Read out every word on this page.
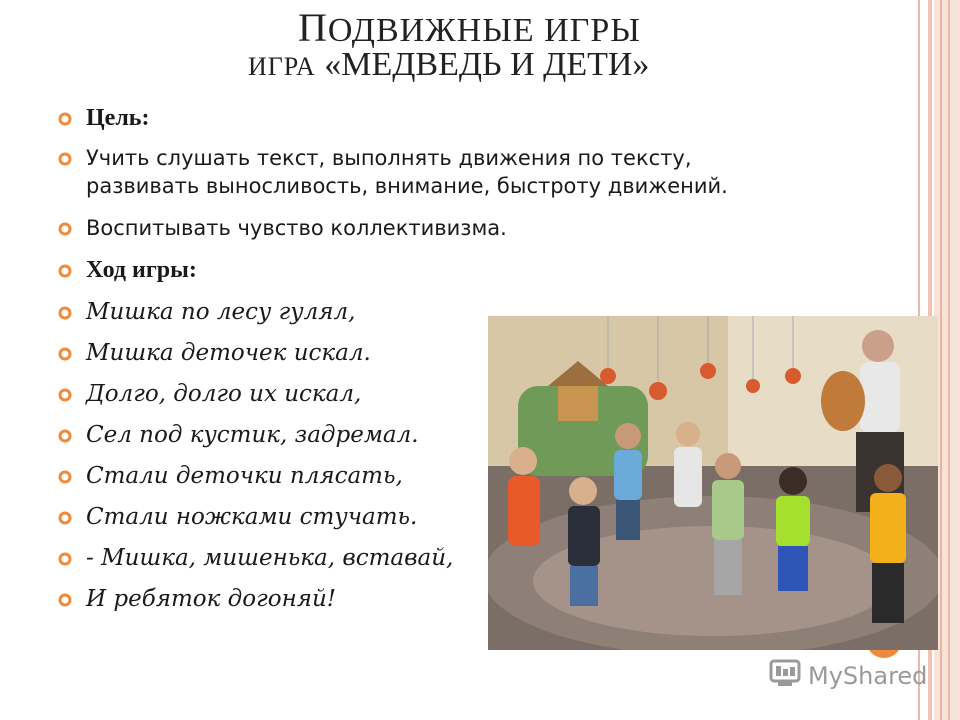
ПОДВИЖНЫЕ ИГРЫ
ИГРА «МЕДВЕДЬ И ДЕТИ»
Цель:
Учить слушать текст, выполнять движения по тексту, развивать выносливость, внимание, быстроту движений.
Воспитывать чувство коллективизма.
Ход игры:
Мишка по лесу гулял,
Мишка деточек искал.
Долго, долго их искал,
Сел под кустик, задремал.
Стали деточки плясать,
Стали ножками стучать.
- Мишка, мишенька, вставай,
И ребяток догоняй!
MyShared
